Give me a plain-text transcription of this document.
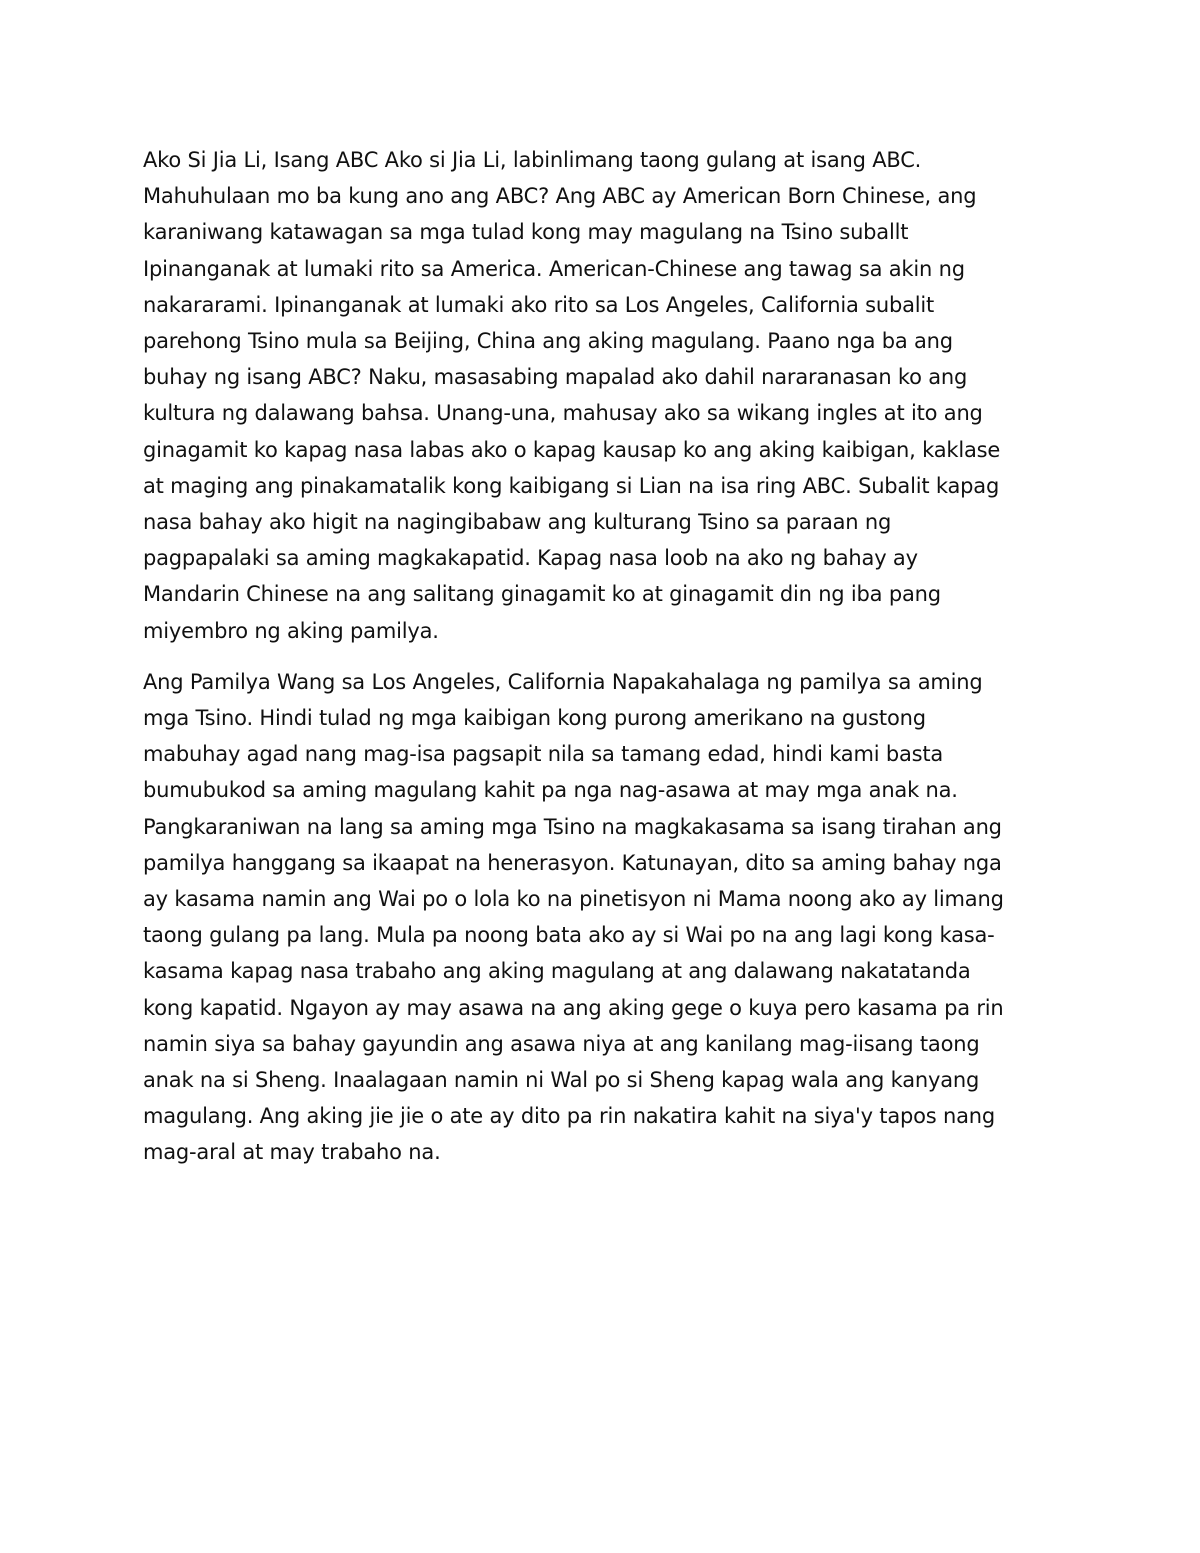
Ako Si Jia Li, Isang ABC Ako si Jia Li, labinlimang taong gulang at isang ABC.
Mahuhulaan mo ba kung ano ang ABC? Ang ABC ay American Born Chinese, ang
karaniwang katawagan sa mga tulad kong may magulang na Tsino suballt
Ipinanganak at lumaki rito sa America. American-Chinese ang tawag sa akin ng
nakararami. Ipinanganak at lumaki ako rito sa Los Angeles, California subalit
parehong Tsino mula sa Beijing, China ang aking magulang. Paano nga ba ang
buhay ng isang ABC? Naku, masasabing mapalad ako dahil nararanasan ko ang
kultura ng dalawang bahsa. Unang-una, mahusay ako sa wikang ingles at ito ang
ginagamit ko kapag nasa labas ako o kapag kausap ko ang aking kaibigan, kaklase
at maging ang pinakamatalik kong kaibigang si Lian na isa ring ABC. Subalit kapag
nasa bahay ako higit na nagingibabaw ang kulturang Tsino sa paraan ng
pagpapalaki sa aming magkakapatid. Kapag nasa loob na ako ng bahay ay
Mandarin Chinese na ang salitang ginagamit ko at ginagamit din ng iba pang
miyembro ng aking pamilya.
Ang Pamilya Wang sa Los Angeles, California Napakahalaga ng pamilya sa aming
mga Tsino. Hindi tulad ng mga kaibigan kong purong amerikano na gustong
mabuhay agad nang mag-isa pagsapit nila sa tamang edad, hindi kami basta
bumubukod sa aming magulang kahit pa nga nag-asawa at may mga anak na.
Pangkaraniwan na lang sa aming mga Tsino na magkakasama sa isang tirahan ang
pamilya hanggang sa ikaapat na henerasyon. Katunayan, dito sa aming bahay nga
ay kasama namin ang Wai po o lola ko na pinetisyon ni Mama noong ako ay limang
taong gulang pa lang. Mula pa noong bata ako ay si Wai po na ang lagi kong kasa-
kasama kapag nasa trabaho ang aking magulang at ang dalawang nakatatanda
kong kapatid. Ngayon ay may asawa na ang aking gege o kuya pero kasama pa rin
namin siya sa bahay gayundin ang asawa niya at ang kanilang mag-iisang taong
anak na si Sheng. Inaalagaan namin ni Wal po si Sheng kapag wala ang kanyang
magulang. Ang aking jie jie o ate ay dito pa rin nakatira kahit na siya'y tapos nang
mag-aral at may trabaho na.
